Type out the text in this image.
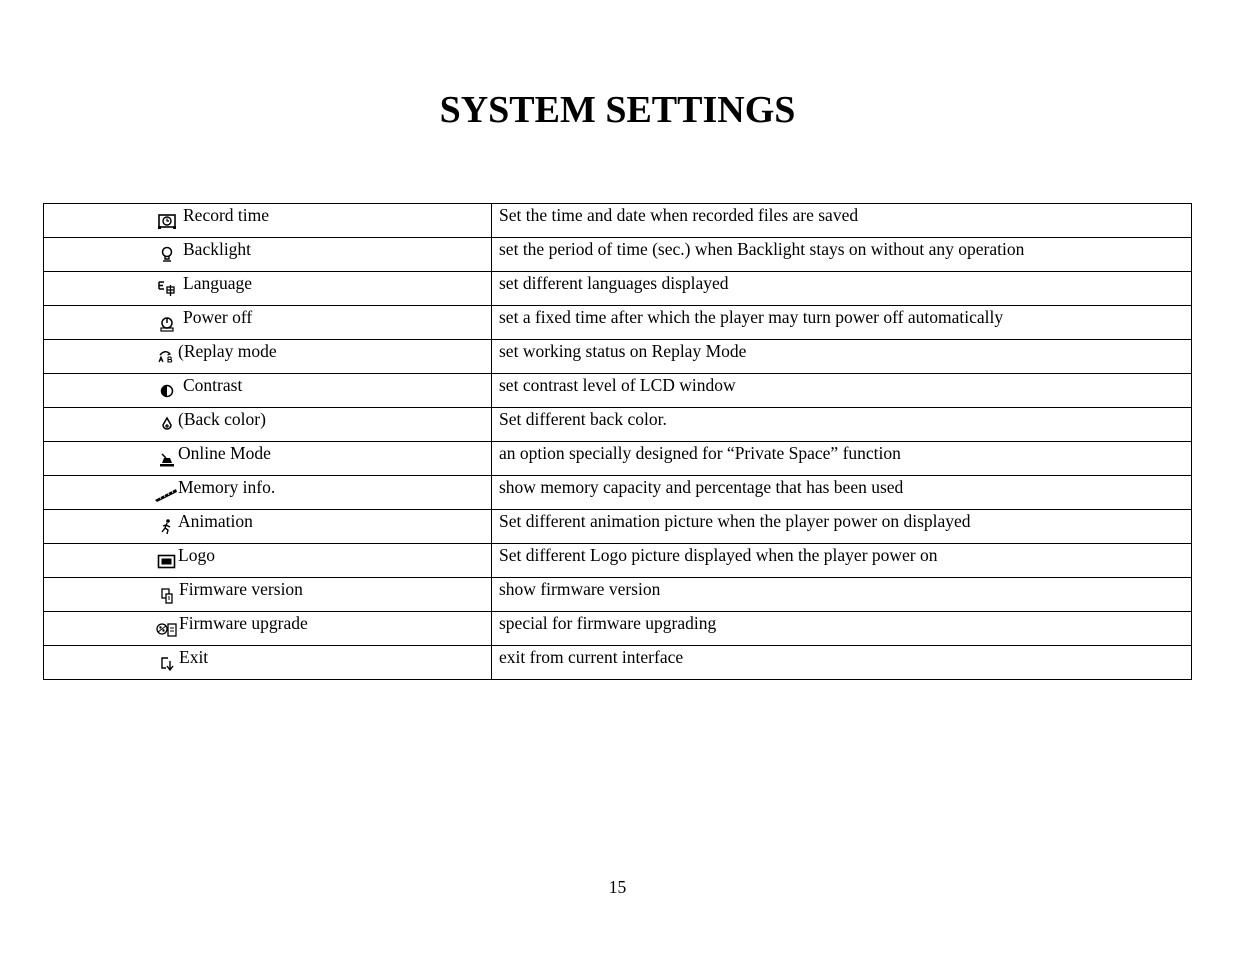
SYSTEM SETTINGS
Record time	Set the time and date when recorded files are saved

Backlight	set the period of time (sec.) when Backlight stays on without any operation

Language	set different languages displayed

Power off	set a fixed time after which the player may turn power off automatically

(Replay mode	set working status on Replay Mode

Contrast	set contrast level of LCD window

(Back color)	Set different back color.

Online Mode	an option specially designed for “Private Space” function

Memory info.	show memory capacity and percentage that has been used

Animation	Set different animation picture when the player power on displayed

Logo	Set different Logo picture displayed when the player power on

Firmware version	show firmware version

Firmware upgrade	special for firmware upgrading

Exit	exit from current interface
15
